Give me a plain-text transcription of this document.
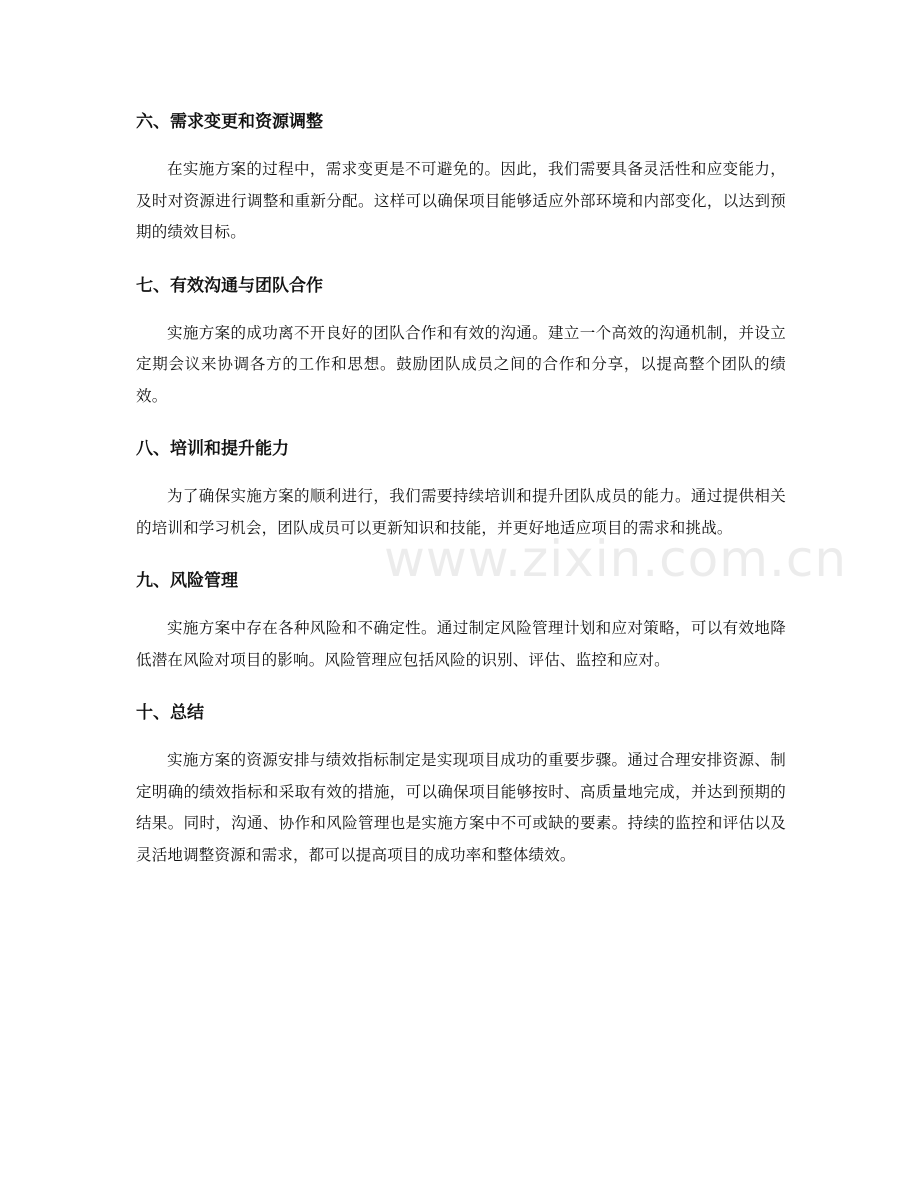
六、需求变更和资源调整

在实施方案的过程中，需求变更是不可避免的。因此，我们需要具备灵活性和应变能力，及时对资源进行调整和重新分配。这样可以确保项目能够适应外部环境和内部变化，以达到预期的绩效目标。

七、有效沟通与团队合作

实施方案的成功离不开良好的团队合作和有效的沟通。建立一个高效的沟通机制，并设立定期会议来协调各方的工作和思想。鼓励团队成员之间的合作和分享，以提高整个团队的绩效。

八、培训和提升能力

为了确保实施方案的顺利进行，我们需要持续培训和提升团队成员的能力。通过提供相关的培训和学习机会，团队成员可以更新知识和技能，并更好地适应项目的需求和挑战。

九、风险管理

实施方案中存在各种风险和不确定性。通过制定风险管理计划和应对策略，可以有效地降低潜在风险对项目的影响。风险管理应包括风险的识别、评估、监控和应对。

十、总结

实施方案的资源安排与绩效指标制定是实现项目成功的重要步骤。通过合理安排资源、制定明确的绩效指标和采取有效的措施，可以确保项目能够按时、高质量地完成，并达到预期的结果。同时，沟通、协作和风险管理也是实施方案中不可或缺的要素。持续的监控和评估以及灵活地调整资源和需求，都可以提高项目的成功率和整体绩效。

www.zixin.com.cn
